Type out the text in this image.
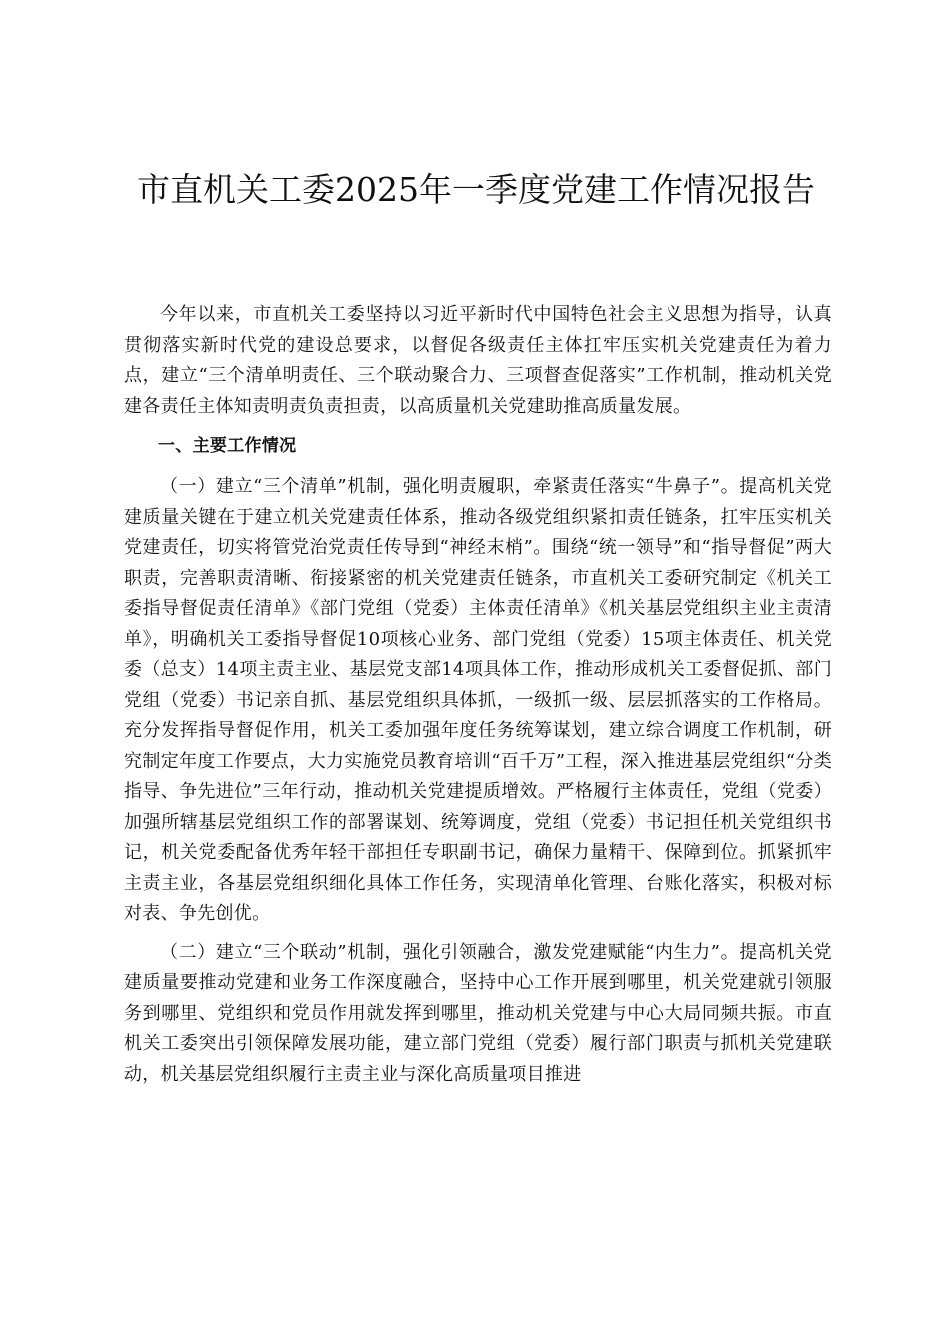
市直机关工委2025年一季度党建工作情况报告

今年以来，市直机关工委坚持以习近平新时代中国特色社会主义思想为指导，认真贯彻落实新时代党的建设总要求，以督促各级责任主体扛牢压实机关党建责任为着力点，建立“三个清单明责任、三个联动聚合力、三项督查促落实”工作机制，推动机关党建各责任主体知责明责负责担责，以高质量机关党建助推高质量发展。

一、主要工作情况

（一）建立“三个清单”机制，强化明责履职，牵紧责任落实“牛鼻子”。提高机关党建质量关键在于建立机关党建责任体系，推动各级党组织紧扣责任链条，扛牢压实机关党建责任，切实将管党治党责任传导到“神经末梢”。围绕“统一领导”和“指导督促”两大职责，完善职责清晰、衔接紧密的机关党建责任链条，市直机关工委研究制定《机关工委指导督促责任清单》《部门党组（党委）主体责任清单》《机关基层党组织主业主责清单》，明确机关工委指导督促10项核心业务、部门党组（党委）15项主体责任、机关党委（总支）14项主责主业、基层党支部14项具体工作，推动形成机关工委督促抓、部门党组（党委）书记亲自抓、基层党组织具体抓，一级抓一级、层层抓落实的工作格局。充分发挥指导督促作用，机关工委加强年度任务统筹谋划，建立综合调度工作机制，研究制定年度工作要点，大力实施党员教育培训“百千万”工程，深入推进基层党组织“分类指导、争先进位”三年行动，推动机关党建提质增效。严格履行主体责任，党组（党委）加强所辖基层党组织工作的部署谋划、统筹调度，党组（党委）书记担任机关党组织书记，机关党委配备优秀年轻干部担任专职副书记，确保力量精干、保障到位。抓紧抓牢主责主业，各基层党组织细化具体工作任务，实现清单化管理、台账化落实，积极对标对表、争先创优。

（二）建立“三个联动”机制，强化引领融合，激发党建赋能“内生力”。提高机关党建质量要推动党建和业务工作深度融合，坚持中心工作开展到哪里，机关党建就引领服务到哪里、党组织和党员作用就发挥到哪里，推动机关党建与中心大局同频共振。市直机关工委突出引领保障发展功能，建立部门党组（党委）履行部门职责与抓机关党建联动，机关基层党组织履行主责主业与深化高质量项目推进
